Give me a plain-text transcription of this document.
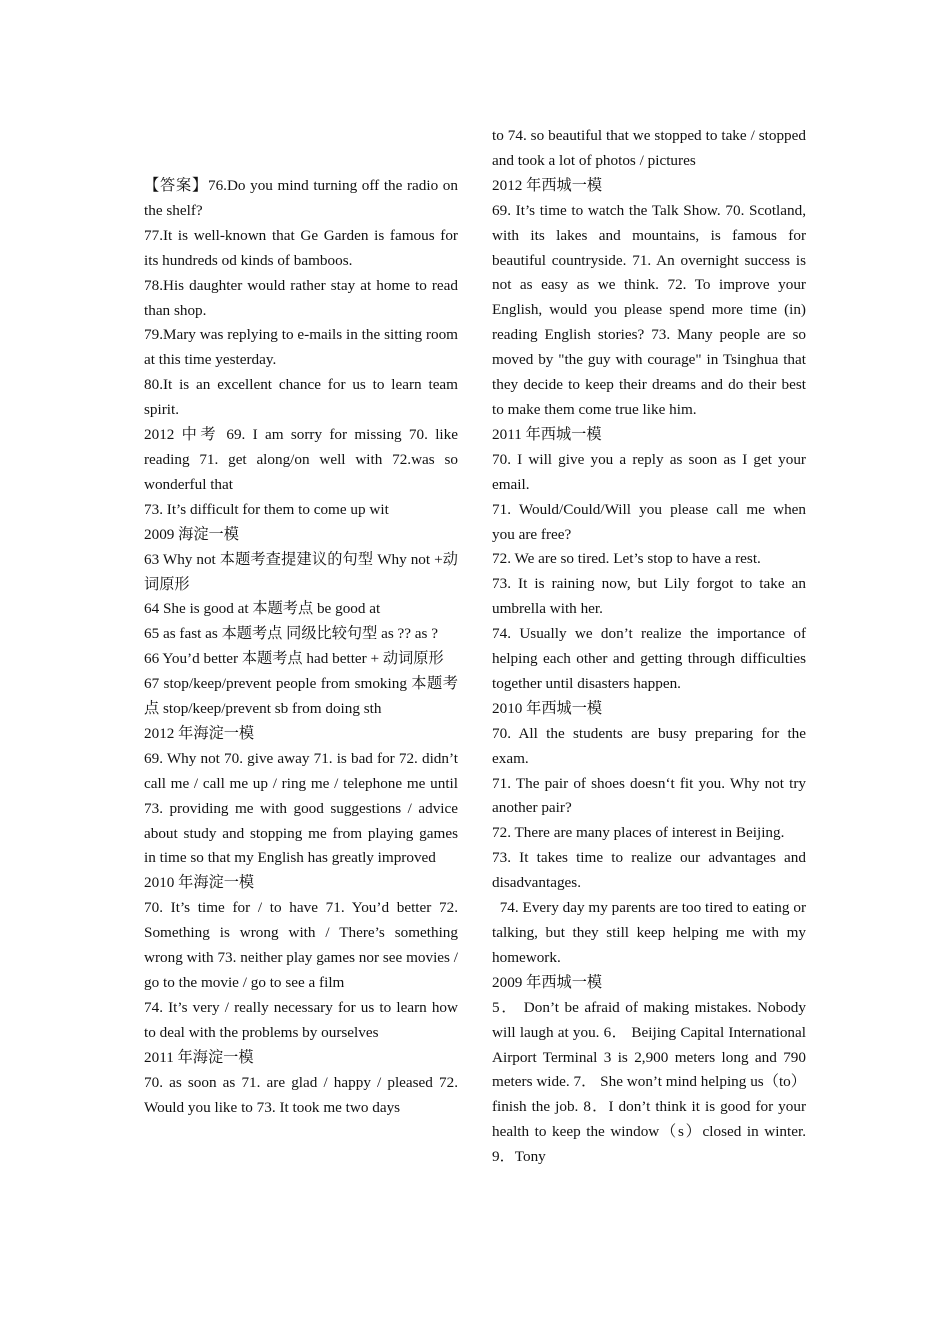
【答案】76.Do you mind turning off the radio on the shelf?

77.It is well-known that Ge Garden is famous for its hundreds od kinds of bamboos.

78.His daughter would rather stay at home to read than shop.

79.Mary was replying to e-mails in the sitting room at this time yesterday.

80.It is an excellent chance for us to learn team spirit.

2012 中考 69. I am sorry for missing 70. like reading 71. get along/on well with 72.was so wonderful that

73. It’s difficult for them to come up wit

2009 海淀一模

63 Why not 本题考查提建议的句型 Why not +动词原形

64 She is good at 本题考点 be good at

65 as fast as 本题考点 同级比较句型 as ?? as ?

66 You’d better 本题考点 had better + 动词原形

67 stop/keep/prevent people from smoking 本题考点 stop/keep/prevent sb from doing sth

2012 年海淀一模

69. Why not 70. give away 71. is bad for 72. didn’t call me / call me up / ring me / telephone me until 73. providing me with good suggestions / advice about study and stopping me from playing games in time so that my English has greatly improved

2010 年海淀一模

70. It’s time for / to have 71. You’d better 72. Something is wrong with / There’s something wrong with 73. neither play games nor see movies / go to the movie / go to see a film

74. It’s very / really necessary for us to learn how to deal with the problems by ourselves

2011 年海淀一模

70. as soon as 71. are glad / happy / pleased 72. Would you like to 73. It took me two days

to 74. so beautiful that we stopped to take / stopped and took a lot of photos / pictures

2012 年西城一模

69. It’s time to watch the Talk Show. 70. Scotland, with its lakes and mountains, is famous for beautiful countryside. 71. An overnight success is not as easy as we think. 72. To improve your English, would you please spend more time (in) reading English stories? 73. Many people are so moved by "the guy with courage" in Tsinghua that they decide to keep their dreams and do their best to make them come true like him.

2011 年西城一模

70. I will give you a reply as soon as I get your email.

71. Would/Could/Will you please call me when you are free?

72. We are so tired. Let’s stop to have a rest.

73. It is raining now, but Lily forgot to take an umbrella with her.

74. Usually we don’t realize the importance of helping each other and getting through difficulties together until disasters happen.

2010 年西城一模

70. All the students are busy preparing for the exam.

71. The pair of shoes doesn‘t fit you. Why not try another pair?

72. There are many places of interest in Beijing.

73. It takes time to realize our advantages and disadvantages.

74. Every day my parents are too tired to eating or talking, but they still keep helping me with my homework.

2009 年西城一模

5． Don’t be afraid of making mistakes. Nobody will laugh at you. 6． Beijing Capital International Airport Terminal 3 is 2,900 meters long and 790 meters wide. 7． She won’t mind helping us（to） finish the job. 8．I don’t think it is good for your health to keep the window（s）closed in winter. 9．Tony
